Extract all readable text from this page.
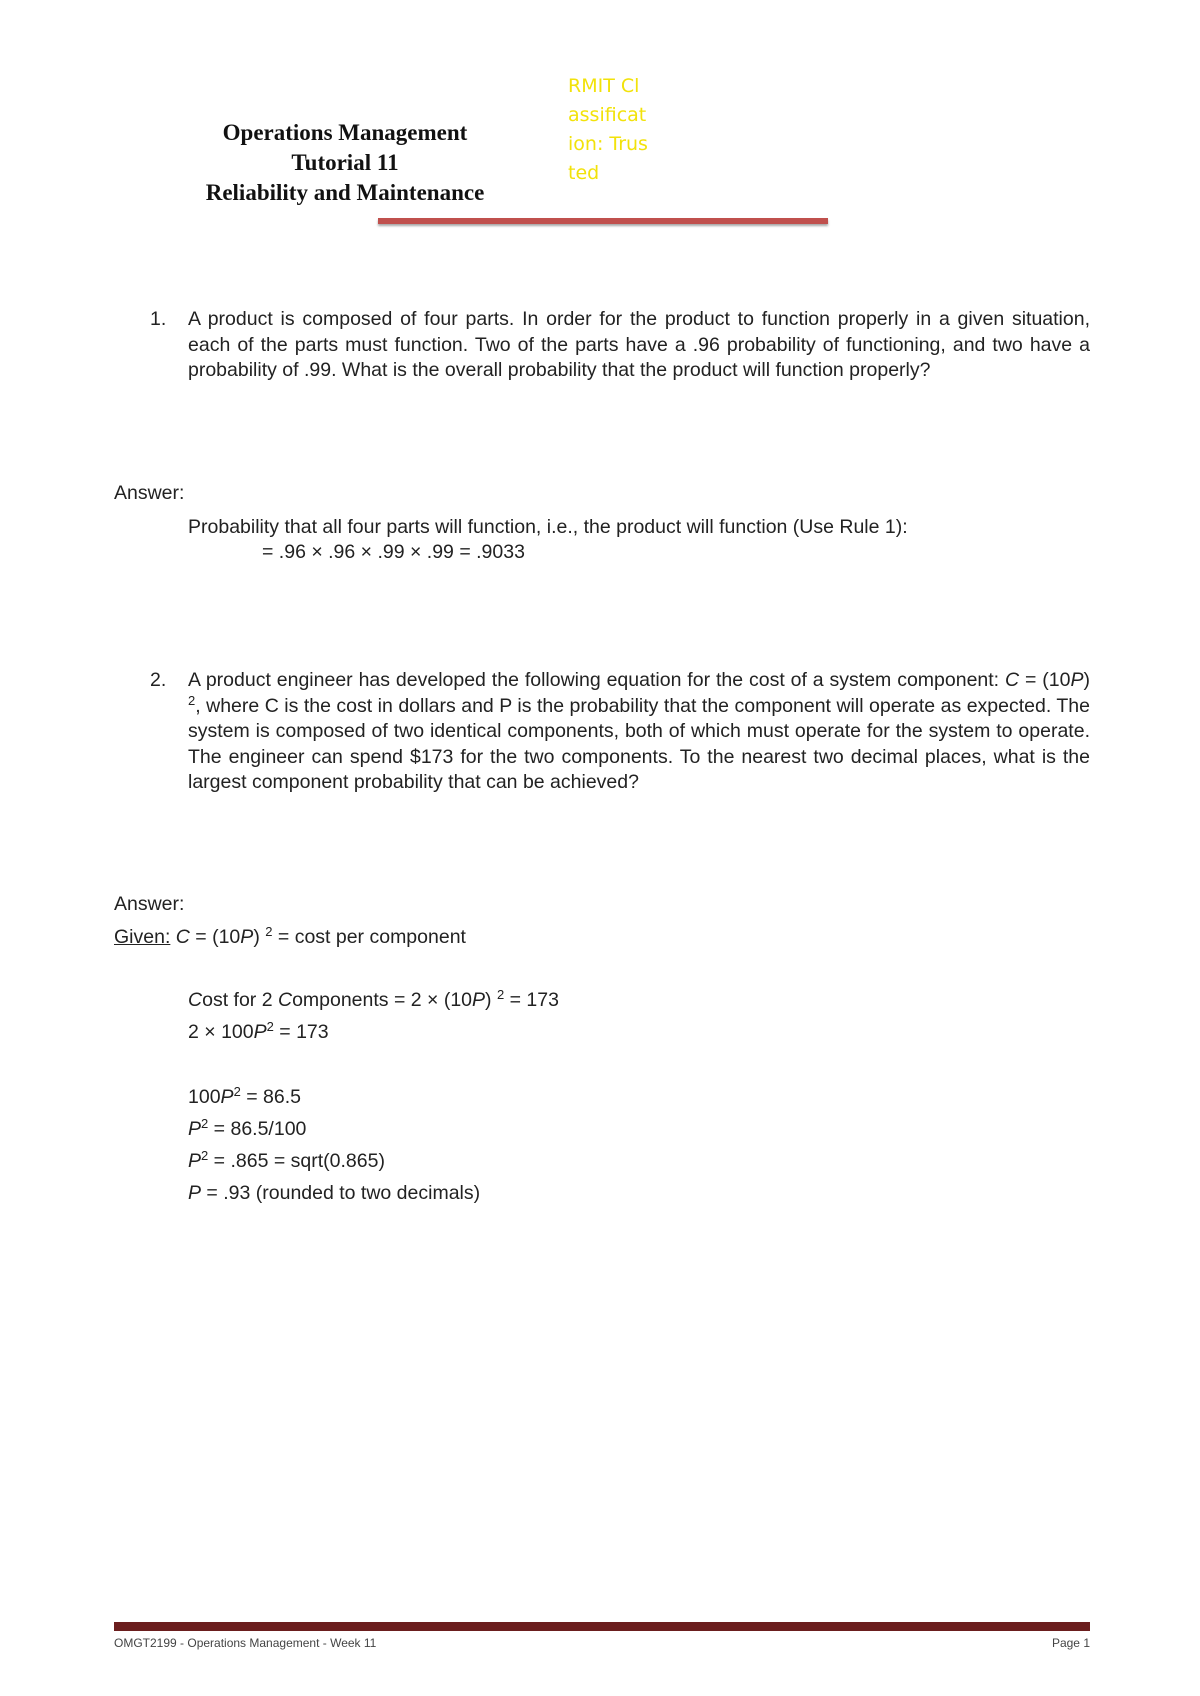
Operations Management
Tutorial 11
Reliability and Maintenance
RMIT Classification: Trusted
1. A product is composed of four parts. In order for the product to function properly in a given situation, each of the parts must function. Two of the parts have a .96 probability of functioning, and two have a probability of .99. What is the overall probability that the product will function properly?
Answer:
Probability that all four parts will function, i.e., the product will function (Use Rule 1):
= .96 × .96 × .99 × .99 = .9033
2. A product engineer has developed the following equation for the cost of a system component: C = (10P) $^2$, where C is the cost in dollars and P is the probability that the component will operate as expected. The system is composed of two identical components, both of which must operate for the system to operate. The engineer can spend $173 for the two components. To the nearest two decimal places, what is the largest component probability that can be achieved?
Answer:
Given: C = (10P) $^2$ = cost per component
Cost for 2 Components = 2 × (10P) $^2$ = 173
$2 \times 100P^2 = 173$
$100P^2 = 86.5$
$P^2 = 86.5/100$
$P^2 = .865$ = sqrt(0.865)
P = .93 (rounded to two decimals)
OMGT2199 - Operations Management - Week 11	Page 1
